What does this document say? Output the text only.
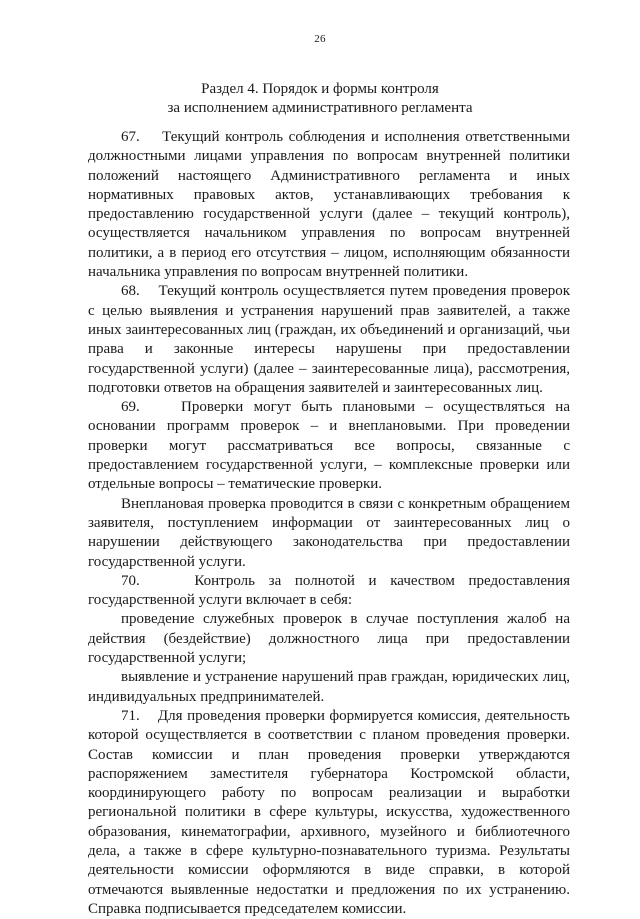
26
Раздел 4. Порядок и формы контроля
за исполнением административного регламента

67.    Текущий контроль соблюдения и исполнения ответственными должностными лицами управления по вопросам внутренней политики положений настоящего Административного регламента и иных нормативных правовых актов, устанавливающих требования к предоставлению государственной услуги (далее – текущий контроль), осуществляется начальником управления по вопросам внутренней политики, а в период его отсутствия – лицом, исполняющим обязанности начальника управления по вопросам внутренней политики.

68.    Текущий контроль осуществляется путем проведения проверок с целью выявления и устранения нарушений прав заявителей, а также иных заинтересованных лиц (граждан, их объединений и организаций, чьи права и законные интересы нарушены при предоставлении государственной услуги) (далее – заинтересованные лица), рассмотрения, подготовки ответов на обращения заявителей и заинтересованных лиц.

69.    Проверки могут быть плановыми – осуществляться на основании программ проверок – и внеплановыми. При проведении проверки могут рассматриваться все вопросы, связанные с предоставлением государственной услуги, – комплексные проверки или отдельные вопросы – тематические проверки.

Внеплановая проверка проводится в связи с конкретным обращением заявителя, поступлением информации от заинтересованных лиц о нарушении действующего законодательства при предоставлении государственной услуги.

70.    Контроль за полнотой и качеством предоставления государственной услуги включает в себя:

проведение служебных проверок в случае поступления жалоб на действия (бездействие) должностного лица при предоставлении государственной услуги;

выявление и устранение нарушений прав граждан, юридических лиц, индивидуальных предпринимателей.

71.    Для проведения проверки формируется комиссия, деятельность которой осуществляется в соответствии с планом проведения проверки. Состав комиссии и план проведения проверки утверждаются распоряжением заместителя губернатора Костромской области, координирующего работу по вопросам реализации и выработки региональной политики в сфере культуры, искусства, художественного образования, кинематографии, архивного, музейного и библиотечного дела, а также в сфере культурно-познавательного туризма. Результаты деятельности комиссии оформляются в виде справки, в которой отмечаются выявленные недостатки и предложения по их устранению. Справка подписывается председателем комиссии.
